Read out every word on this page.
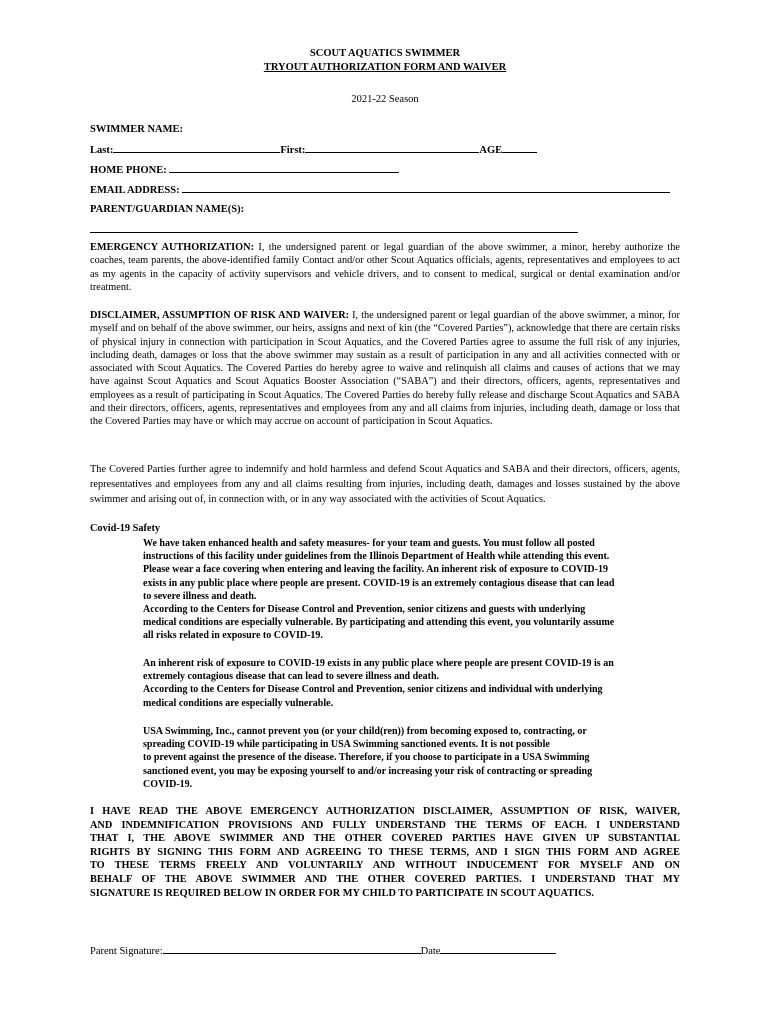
SCOUT AQUATICS SWIMMER
TRYOUT AUTHORIZATION FORM AND WAIVER
2021-22 Season
SWIMMER NAME:
Last:	First:	AGE
HOME PHONE:
EMAIL ADDRESS:
PARENT/GUARDIAN NAME(S):

EMERGENCY AUTHORIZATION: I, the undersigned parent or legal guardian of the above swimmer, a minor, hereby authorize the coaches, team parents, the above-identified family Contact and/or other Scout Aquatics officials, agents, representatives and employees to act as my agents in the capacity of activity supervisors and vehicle drivers, and to consent to medical, surgical or dental examination and/or treatment.

DISCLAIMER, ASSUMPTION OF RISK AND WAIVER: I, the undersigned parent or legal guardian of the above swimmer, a minor, for myself and on behalf of the above swimmer, our heirs, assigns and next of kin (the “Covered Parties”), acknowledge that there are certain risks of physical injury in connection with participation in Scout Aquatics, and the Covered Parties agree to assume the full risk of any injuries, including death, damages or loss that the above swimmer may sustain as a result of participation in any and all activities connected with or associated with Scout Aquatics. The Covered Parties do hereby agree to waive and relinquish all claims and causes of actions that we may have against Scout Aquatics and Scout Aquatics Booster Association (“SABA”) and their directors, officers, agents, representatives and employees as a result of participating in Scout Aquatics. The Covered Parties do hereby fully release and discharge Scout Aquatics and SABA and their directors, officers, agents, representatives and employees from any and all claims from injuries, including death, damage or loss that the Covered Parties may have or which may accrue on account of participation in Scout Aquatics.

The Covered Parties further agree to indemnify and hold harmless and defend Scout Aquatics and SABA and their directors, officers, agents, representatives and employees from any and all claims resulting from injuries, including death, damages and losses sustained by the above swimmer and arising out of, in connection with, or in any way associated with the activities of Scout Aquatics.

Covid-19 Safety
We have taken enhanced health and safety measures- for your team and guests. You must follow all posted
instructions of this facility under guidelines from the Illinois Department of Health while attending this event.
Please wear a face covering when entering and leaving the facility. An inherent risk of exposure to COVID-19
exists in any public place where people are present. COVID-19 is an extremely contagious disease that can lead
to severe illness and death.
According to the Centers for Disease Control and Prevention, senior citizens and guests with underlying
medical conditions are especially vulnerable. By participating and attending this event, you voluntarily assume
all risks related in exposure to COVID-19.
An inherent risk of exposure to COVID-19 exists in any public place where people are present COVID-19 is an
extremely contagious disease that can lead to severe illness and death.
According to the Centers for Disease Control and Prevention, senior citizens and individual with underlying
medical conditions are especially vulnerable.
USA Swimming, Inc., cannot prevent you (or your child(ren)) from becoming exposed to, contracting, or
spreading COVID-19 while participating in USA Swimming sanctioned events. It is not possible
to prevent against the presence of the disease. Therefore, if you choose to participate in a USA Swimming
sanctioned event, you may be exposing yourself to and/or increasing your risk of contracting or spreading
COVID-19.
I HAVE READ THE ABOVE EMERGENCY AUTHORIZATION DISCLAIMER, ASSUMPTION OF RISK, WAIVER,
AND INDEMNIFICATION PROVISIONS AND FULLY UNDERSTAND THE TERMS OF EACH. I UNDERSTAND
THAT I, THE ABOVE SWIMMER AND THE OTHER COVERED PARTIES HAVE GIVEN UP SUBSTANTIAL
RIGHTS BY SIGNING THIS FORM AND AGREEING TO THESE TERMS, AND I SIGN THIS FORM AND AGREE
TO THESE TERMS FREELY AND VOLUNTARILY AND WITHOUT INDUCEMENT FOR MYSELF AND ON
BEHALF OF THE ABOVE SWIMMER AND THE OTHER COVERED PARTIES. I UNDERSTAND THAT MY
SIGNATURE IS REQUIRED BELOW IN ORDER FOR MY CHILD TO PARTICIPATE IN SCOUT AQUATICS.
Parent Signature:	Date
